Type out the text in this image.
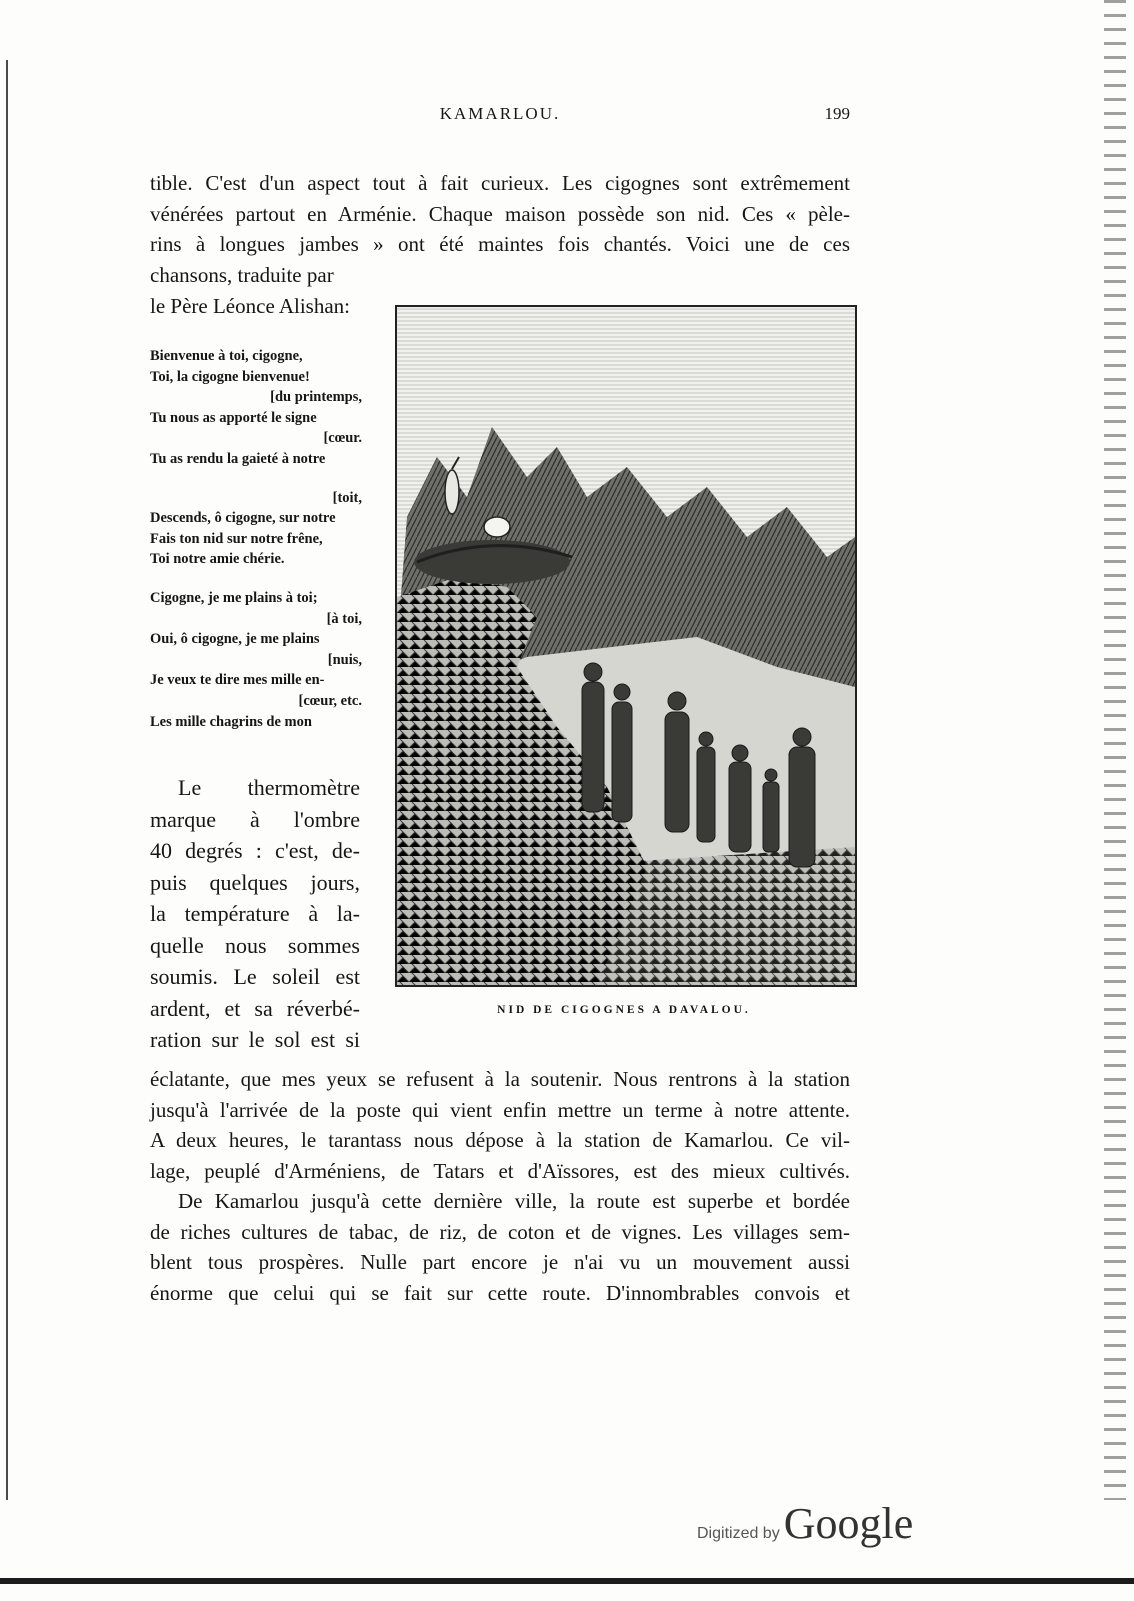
KAMARLOU.	199

tible. C'est d'un aspect tout à fait curieux. Les cigognes sont extrêmement

vénérées partout en Arménie. Chaque maison possède son nid. Ces « pèle-

rins à longues jambes » ont été maintes fois chantés. Voici une de ces

chansons, traduite par

le Père Léonce Alishan:

Bienvenue à toi, cigogne,
Toi, la cigogne bienvenue!
[du printemps,
Tu nous as apporté le signe
[cœur.
Tu as rendu la gaieté à notre
[toit,
Descends, ô cigogne, sur notre
Fais ton nid sur notre frêne,
Toi notre amie chérie.
Cigogne, je me plains à toi;
[à toi,
Oui, ô cigogne, je me plains
[nuis,
Je veux te dire mes mille en-
[cœur, etc.
Les mille chagrins de mon

Le thermomètre

marque à l'ombre

40 degrés : c'est, de-

puis quelques jours,

la température à la-

quelle nous sommes

soumis. Le soleil est

ardent, et sa réverbé-

ration sur le sol est si

NID DE CIGOGNES A DAVALOU.

éclatante, que mes yeux se refusent à la soutenir. Nous rentrons à la station

jusqu'à l'arrivée de la poste qui vient enfin mettre un terme à notre attente.

A deux heures, le tarantass nous dépose à la station de Kamarlou. Ce vil-

lage, peuplé d'Arméniens, de Tatars et d'Aïssores, est des mieux cultivés.

De Kamarlou jusqu'à cette dernière ville, la route est superbe et bordée

de riches cultures de tabac, de riz, de coton et de vignes. Les villages sem-

blent tous prospères. Nulle part encore je n'ai vu un mouvement aussi

énorme que celui qui se fait sur cette route. D'innombrables convois et

Digitized by Google
